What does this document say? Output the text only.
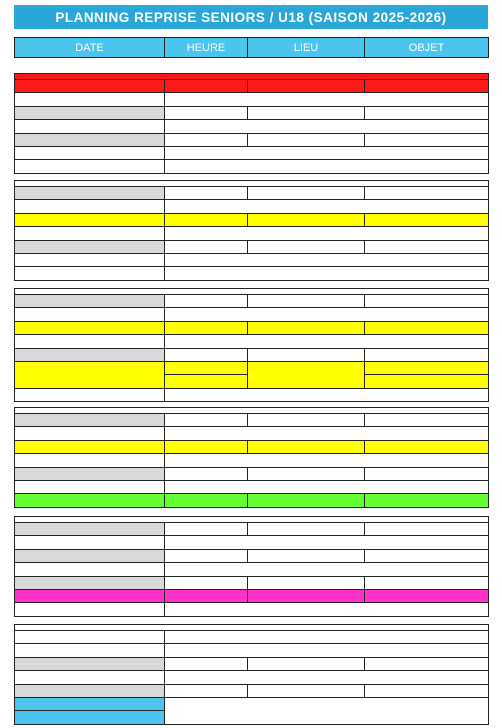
PLANNING REPRISE SENIORS / U18 (SAISON 2025-2026)
DATE	HEURE	LIEU	OBJET
